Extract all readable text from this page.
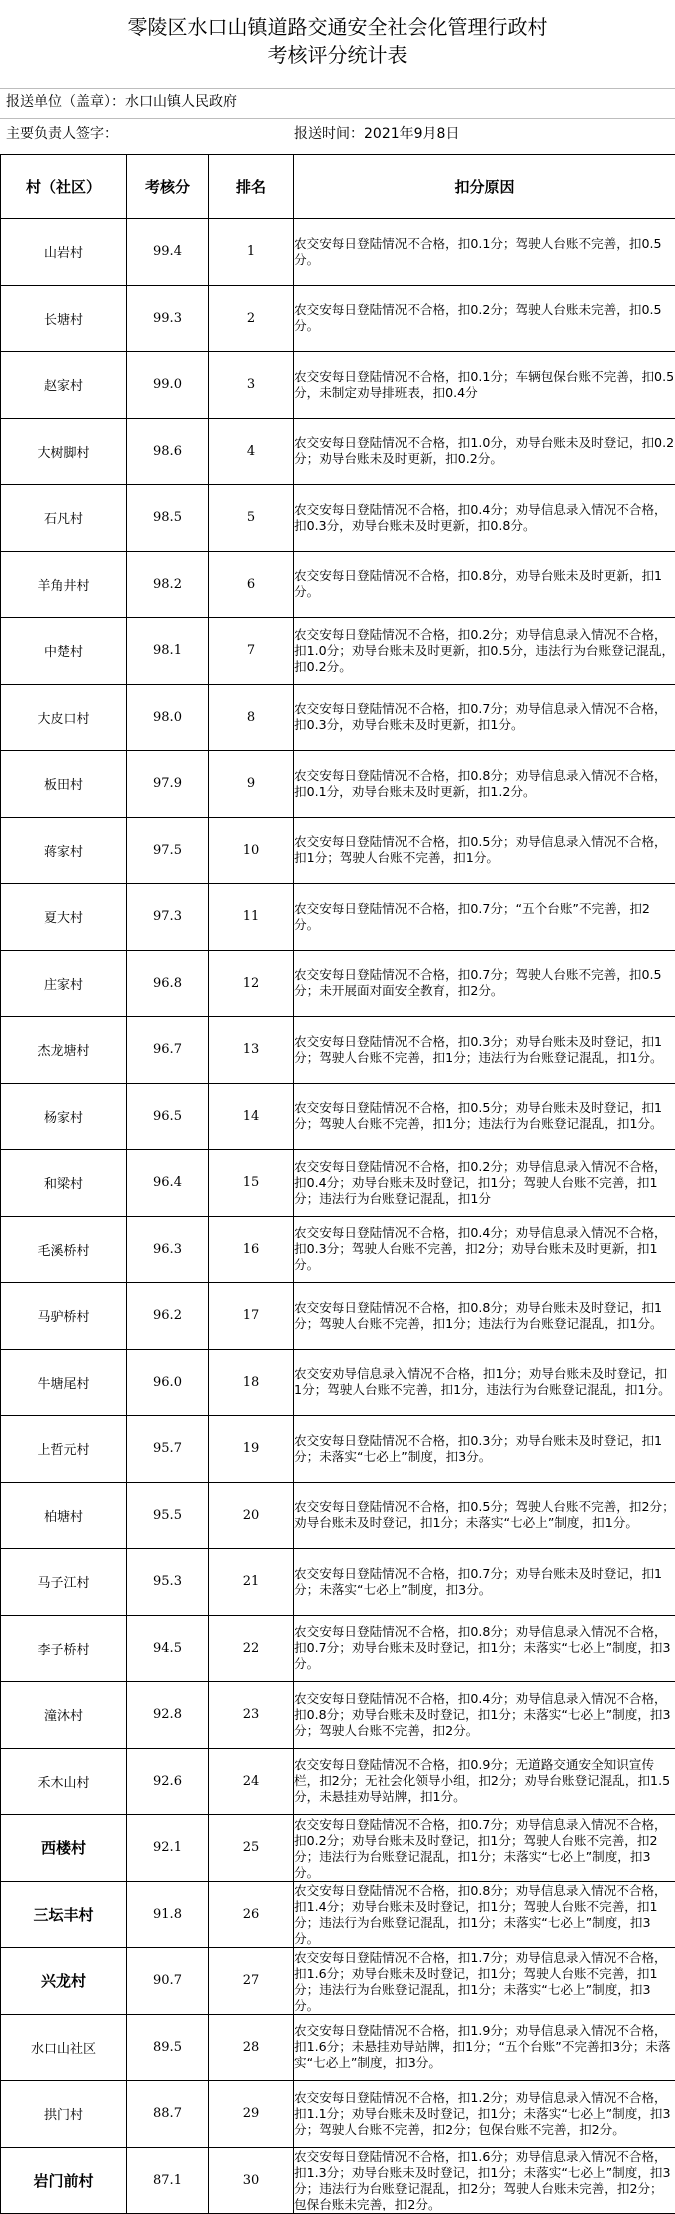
零陵区水口山镇道路交通安全社会化管理行政村
考核评分统计表
报送单位（盖章）：水口山镇人民政府
主要负责人签字：	报送时间：2021年9月8日
村（社区）	考核分	排名	扣分原因
山岩村	99.4	1	农交安每日登陆情况不合格，扣0.1分；驾驶人台账不完善，扣0.5分。

长塘村	99.3	2	农交安每日登陆情况不合格，扣0.2分；驾驶人台账未完善，扣0.5分。

赵家村	99.0	3	农交安每日登陆情况不合格，扣0.1分；车辆包保台账不完善，扣0.5分，未制定劝导排班表，扣0.4分

大树脚村	98.6	4	农交安每日登陆情况不合格，扣1.0分，劝导台账未及时登记，扣0.2分；劝导台账未及时更新，扣0.2分。

石凡村	98.5	5	农交安每日登陆情况不合格，扣0.4分；劝导信息录入情况不合格，扣0.3分，劝导台账未及时更新，扣0.8分。

羊角井村	98.2	6	农交安每日登陆情况不合格，扣0.8分，劝导台账未及时更新，扣1分。

中楚村	98.1	7	农交安每日登陆情况不合格，扣0.2分；劝导信息录入情况不合格，扣1.0分；劝导台账未及时更新，扣0.5分，违法行为台账登记混乱，扣0.2分。

大皮口村	98.0	8	农交安每日登陆情况不合格，扣0.7分；劝导信息录入情况不合格，扣0.3分，劝导台账未及时更新，扣1分。

板田村	97.9	9	农交安每日登陆情况不合格，扣0.8分；劝导信息录入情况不合格，扣0.1分，劝导台账未及时更新，扣1.2分。

蒋家村	97.5	10	农交安每日登陆情况不合格，扣0.5分；劝导信息录入情况不合格，扣1分；驾驶人台账不完善，扣1分。

夏大村	97.3	11	农交安每日登陆情况不合格，扣0.7分；“五个台账”不完善，扣2分。

庄家村	96.8	12	农交安每日登陆情况不合格，扣0.7分；驾驶人台账不完善，扣0.5分；未开展面对面安全教育，扣2分。

杰龙塘村	96.7	13	农交安每日登陆情况不合格，扣0.3分；劝导台账未及时登记，扣1分；驾驶人台账不完善，扣1分；违法行为台账登记混乱，扣1分。

杨家村	96.5	14	农交安每日登陆情况不合格，扣0.5分；劝导台账未及时登记，扣1分；驾驶人台账不完善，扣1分；违法行为台账登记混乱，扣1分。

和梁村	96.4	15	农交安每日登陆情况不合格，扣0.2分；劝导信息录入情况不合格，扣0.4分；劝导台账未及时登记，扣1分；驾驶人台账不完善，扣1分；违法行为台账登记混乱，扣1分

毛溪桥村	96.3	16	农交安每日登陆情况不合格，扣0.4分；劝导信息录入情况不合格，扣0.3分；驾驶人台账不完善，扣2分；劝导台账未及时更新，扣1分。

马驴桥村	96.2	17	农交安每日登陆情况不合格，扣0.8分；劝导台账未及时登记，扣1分；驾驶人台账不完善，扣1分；违法行为台账登记混乱，扣1分。

牛塘尾村	96.0	18	农交安劝导信息录入情况不合格，扣1分；劝导台账未及时登记，扣1分；驾驶人台账不完善，扣1分，违法行为台账登记混乱，扣1分。

上哲元村	95.7	19	农交安每日登陆情况不合格，扣0.3分；劝导台账未及时登记，扣1分；未落实“七必上”制度，扣3分。

柏塘村	95.5	20	农交安每日登陆情况不合格，扣0.5分；驾驶人台账不完善，扣2分；劝导台账未及时登记，扣1分；未落实“七必上”制度，扣1分。

马子江村	95.3	21	农交安每日登陆情况不合格，扣0.7分；劝导台账未及时登记，扣1分；未落实“七必上”制度，扣3分。

李子桥村	94.5	22	农交安每日登陆情况不合格，扣0.8分；劝导信息录入情况不合格，扣0.7分；劝导台账未及时登记，扣1分；未落实“七必上”制度，扣3分。

潼沐村	92.8	23	农交安每日登陆情况不合格，扣0.4分；劝导信息录入情况不合格，扣0.8分；劝导台账未及时登记，扣1分；未落实“七必上”制度，扣3分；驾驶人台账不完善，扣2分。

禾木山村	92.6	24	农交安每日登陆情况不合格，扣0.9分；无道路交通安全知识宣传栏，扣2分；无社会化领导小组，扣2分；劝导台账登记混乱，扣1.5分，未悬挂劝导站牌，扣1分。

西楼村	92.1	25	农交安每日登陆情况不合格，扣0.7分；劝导信息录入情况不合格，扣0.2分；劝导台账未及时登记，扣1分；驾驶人台账不完善，扣2分；违法行为台账登记混乱，扣1分；未落实“七必上”制度，扣3分。

三坛丰村	91.8	26	农交安每日登陆情况不合格，扣0.8分；劝导信息录入情况不合格，扣1.4分；劝导台账未及时登记，扣1分；驾驶人台账不完善，扣1分；违法行为台账登记混乱，扣1分；未落实“七必上”制度，扣3分。

兴龙村	90.7	27	农交安每日登陆情况不合格，扣1.7分；劝导信息录入情况不合格，扣1.6分；劝导台账未及时登记，扣1分；驾驶人台账不完善，扣1分；违法行为台账登记混乱，扣1分；未落实“七必上”制度，扣3分。

水口山社区	89.5	28	农交安每日登陆情况不合格，扣1.9分；劝导信息录入情况不合格，扣1.6分；未悬挂劝导站牌，扣1分；“五个台账”不完善扣3分；未落实“七必上”制度，扣3分。

拱门村	88.7	29	农交安每日登陆情况不合格，扣1.2分；劝导信息录入情况不合格，扣1.1分；劝导台账未及时登记，扣1分；未落实“七必上”制度，扣3分；驾驶人台账不完善，扣2分；包保台账不完善，扣2分。

岩门前村	87.1	30	农交安每日登陆情况不合格，扣1.6分；劝导信息录入情况不合格，扣1.3分；劝导台账未及时登记，扣1分；未落实“七必上”制度，扣3分；违法行为台账登记混乱，扣2分；驾驶人台账未完善，扣2分；包保台账未完善，扣2分。
